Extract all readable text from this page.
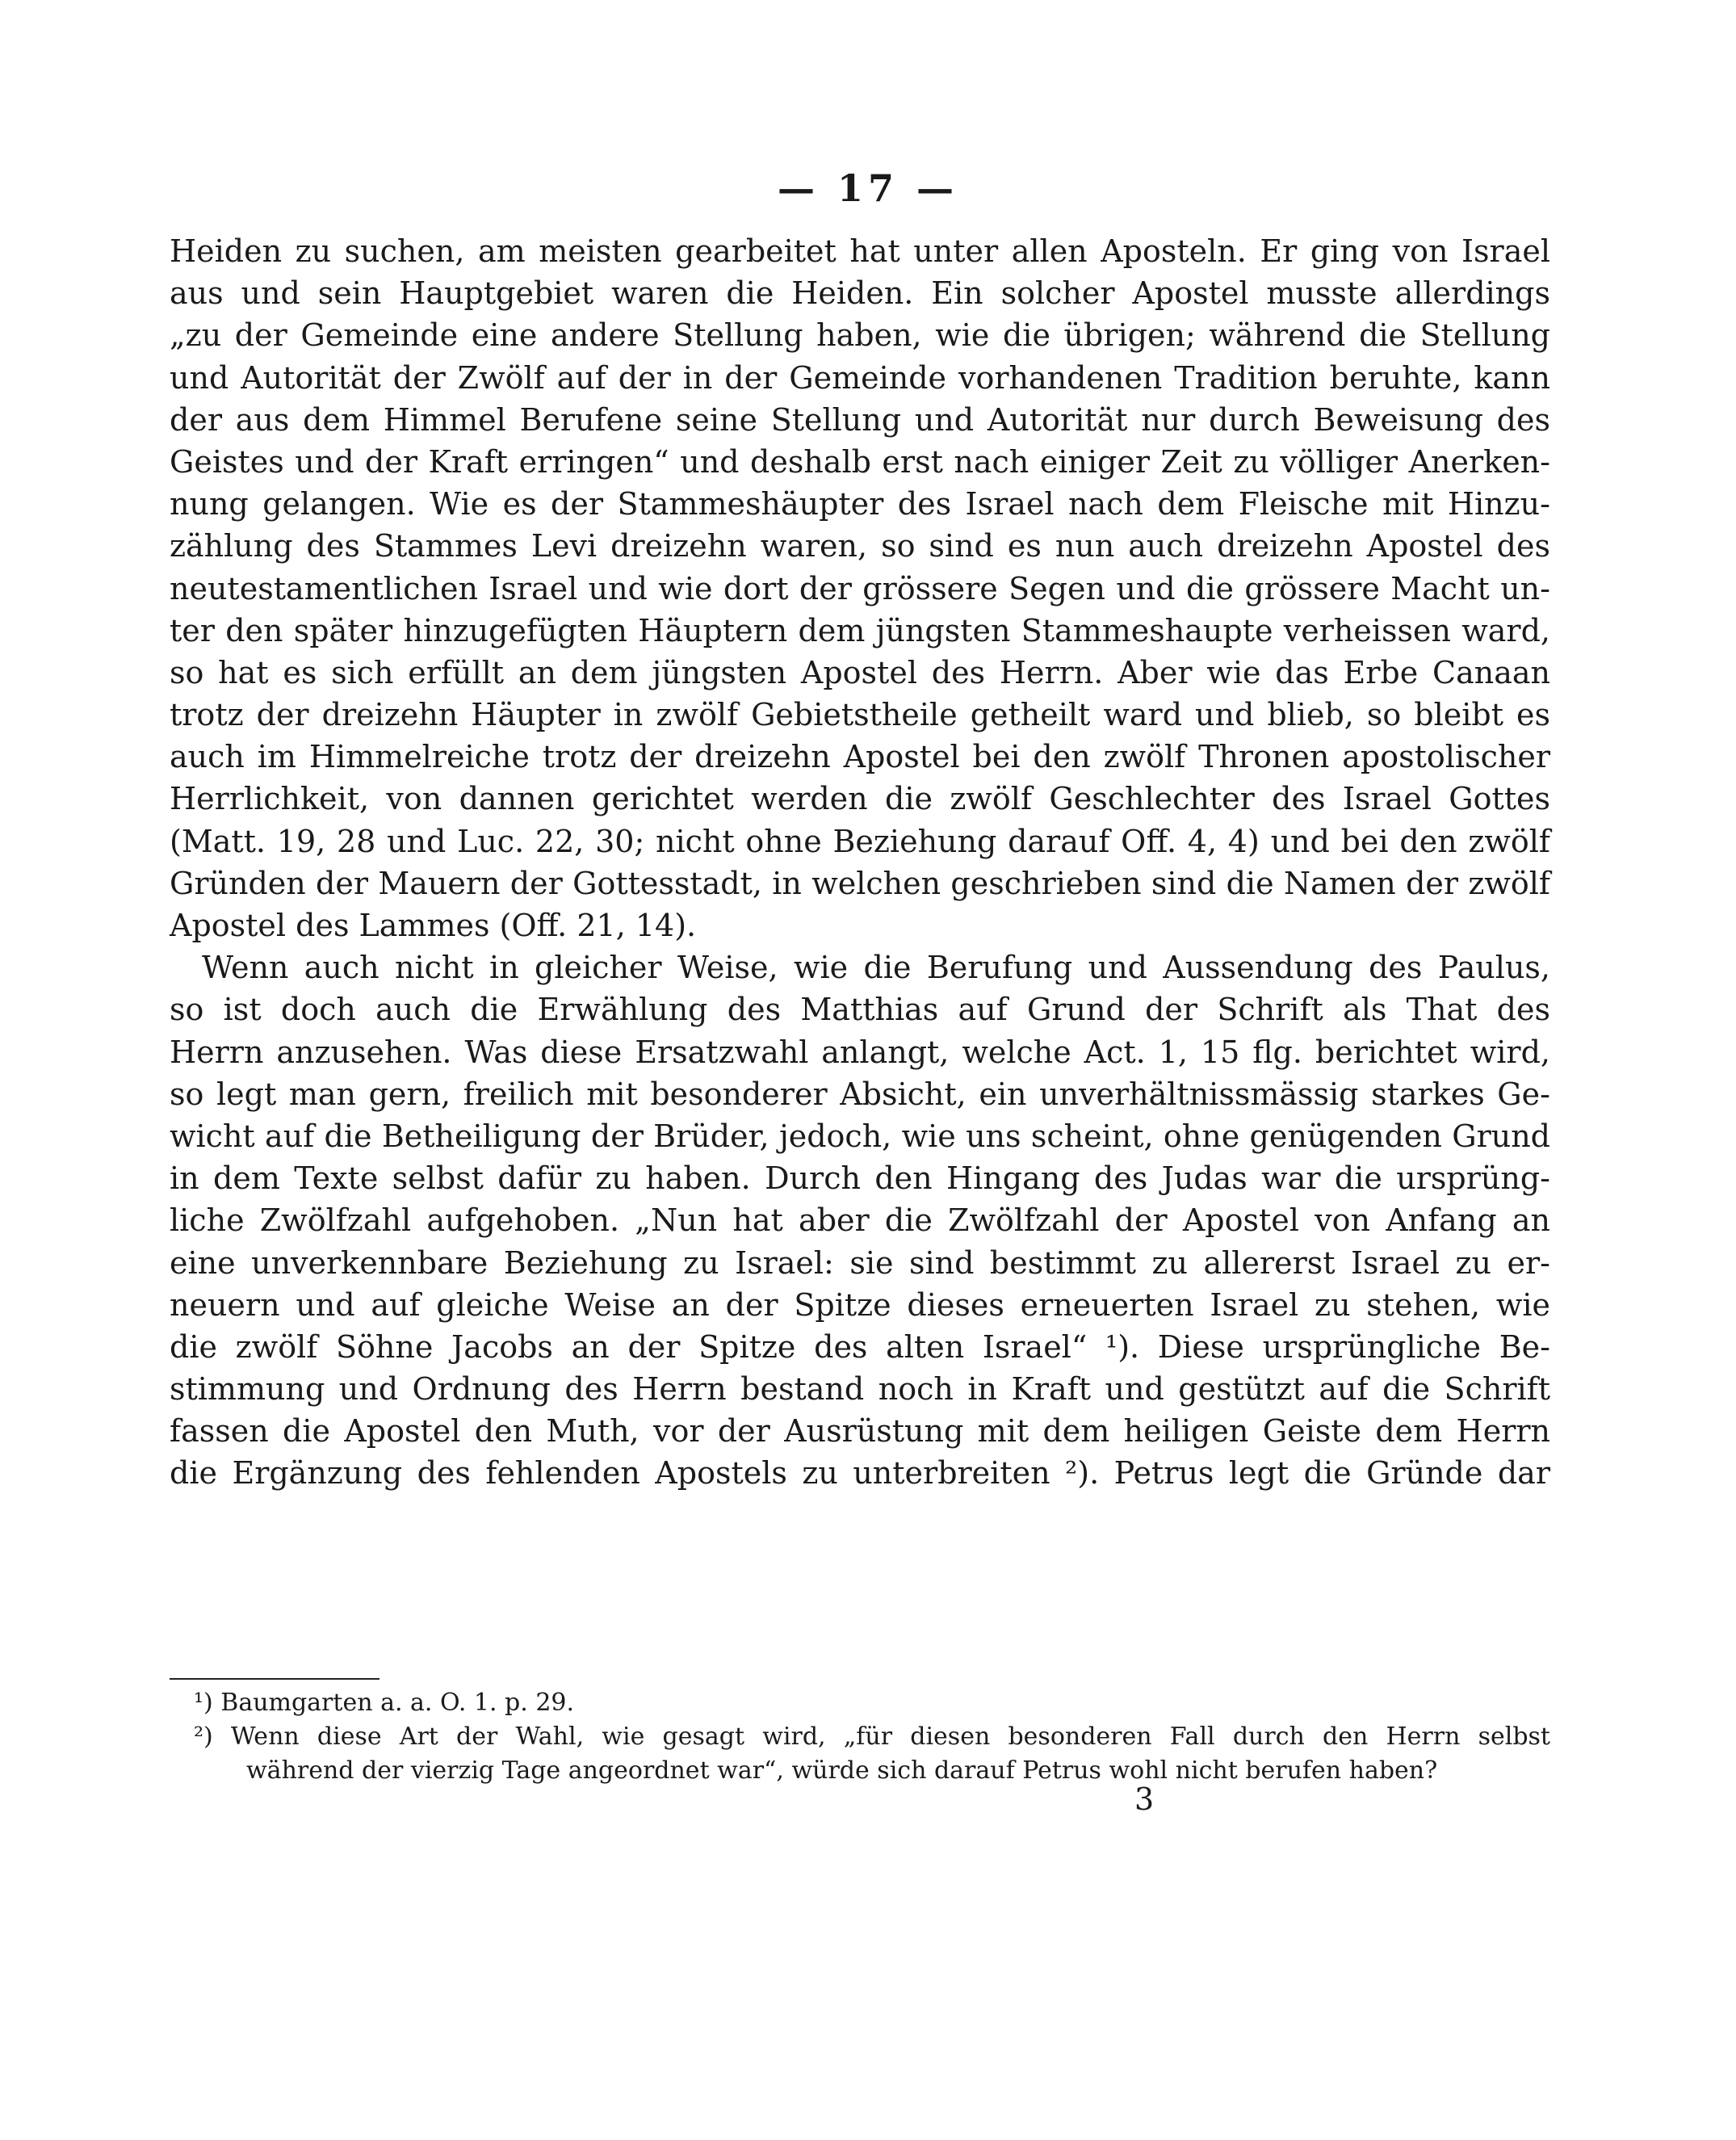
— 17 —
Heiden zu suchen, am meisten gearbeitet hat unter allen Aposteln. Er ging von Israel
aus und sein Hauptgebiet waren die Heiden. Ein solcher Apostel musste allerdings
„zu der Gemeinde eine andere Stellung haben, wie die übrigen; während die Stellung
und Autorität der Zwölf auf der in der Gemeinde vorhandenen Tradition beruhte, kann
der aus dem Himmel Berufene seine Stellung und Autorität nur durch Beweisung des
Geistes und der Kraft erringen“ und deshalb erst nach einiger Zeit zu völliger Anerken-
nung gelangen. Wie es der Stammeshäupter des Israel nach dem Fleische mit Hinzu-
zählung des Stammes Levi dreizehn waren, so sind es nun auch dreizehn Apostel des
neutestamentlichen Israel und wie dort der grössere Segen und die grössere Macht un-
ter den später hinzugefügten Häuptern dem jüngsten Stammeshaupte verheissen ward,
so hat es sich erfüllt an dem jüngsten Apostel des Herrn. Aber wie das Erbe Canaan
trotz der dreizehn Häupter in zwölf Gebietstheile getheilt ward und blieb, so bleibt es
auch im Himmelreiche trotz der dreizehn Apostel bei den zwölf Thronen apostolischer
Herrlichkeit, von dannen gerichtet werden die zwölf Geschlechter des Israel Gottes
(Matt. 19, 28 und Luc. 22, 30; nicht ohne Beziehung darauf Off. 4, 4) und bei den zwölf
Gründen der Mauern der Gottesstadt, in welchen geschrieben sind die Namen der zwölf
Apostel des Lammes (Off. 21, 14).
Wenn auch nicht in gleicher Weise, wie die Berufung und Aussendung des Paulus,
so ist doch auch die Erwählung des Matthias auf Grund der Schrift als That des
Herrn anzusehen. Was diese Ersatzwahl anlangt, welche Act. 1, 15 flg. berichtet wird,
so legt man gern, freilich mit besonderer Absicht, ein unverhältnissmässig starkes Ge-
wicht auf die Betheiligung der Brüder, jedoch, wie uns scheint, ohne genügenden Grund
in dem Texte selbst dafür zu haben. Durch den Hingang des Judas war die ursprüng-
liche Zwölfzahl aufgehoben. „Nun hat aber die Zwölfzahl der Apostel von Anfang an
eine unverkennbare Beziehung zu Israel: sie sind bestimmt zu allererst Israel zu er-
neuern und auf gleiche Weise an der Spitze dieses erneuerten Israel zu stehen, wie
die zwölf Söhne Jacobs an der Spitze des alten Israel“ ¹). Diese ursprüngliche Be-
stimmung und Ordnung des Herrn bestand noch in Kraft und gestützt auf die Schrift
fassen die Apostel den Muth, vor der Ausrüstung mit dem heiligen Geiste dem Herrn
die Ergänzung des fehlenden Apostels zu unterbreiten ²). Petrus legt die Gründe dar
¹) Baumgarten a. a. O. 1. p. 29.
²) Wenn diese Art der Wahl, wie gesagt wird, „für diesen besonderen Fall durch den Herrn selbst
während der vierzig Tage angeordnet war“, würde sich darauf Petrus wohl nicht berufen haben?
3
